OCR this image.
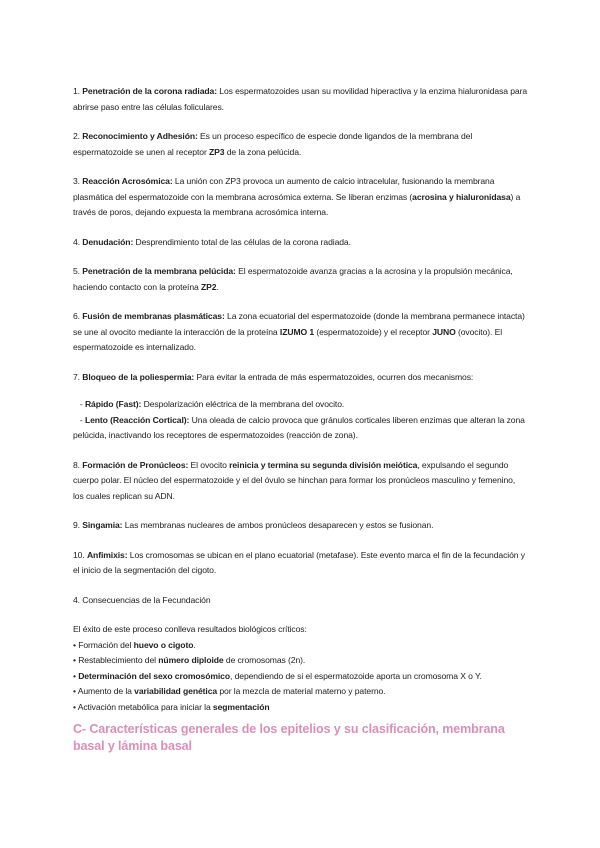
1. Penetración de la corona radiada: Los espermatozoides usan su movilidad hiperactiva y la enzima hialuronidasa para abrirse paso entre las células foliculares.

2. Reconocimiento y Adhesión: Es un proceso específico de especie donde ligandos de la membrana del espermatozoide se unen al receptor ZP3 de la zona pelúcida.

3. Reacción Acrosómica: La unión con ZP3 provoca un aumento de calcio intracelular, fusionando la membrana plasmática del espermatozoide con la membrana acrosómica externa. Se liberan enzimas (acrosina y hialuronidasa) a través de poros, dejando expuesta la membrana acrosómica interna.

4. Denudación: Desprendimiento total de las células de la corona radiada.

5. Penetración de la membrana pelúcida: El espermatozoide avanza gracias a la acrosina y la propulsión mecánica, haciendo contacto con la proteína ZP2.

6. Fusión de membranas plasmáticas: La zona ecuatorial del espermatozoide (donde la membrana permanece intacta) se une al ovocito mediante la interacción de la proteína IZUMO 1 (espermatozoide) y el receptor JUNO (ovocito). El espermatozoide es internalizado.

7. Bloqueo de la poliespermia: Para evitar la entrada de más espermatozoides, ocurren dos mecanismos:

- Rápido (Fast): Despolarización eléctrica de la membrana del ovocito.

- Lento (Reacción Cortical): Una oleada de calcio provoca que gránulos corticales liberen enzimas que alteran la zona pelúcida, inactivando los receptores de espermatozoides (reacción de zona).

8. Formación de Pronúcleos: El ovocito reinicia y termina su segunda división meiótica, expulsando el segundo cuerpo polar. El núcleo del espermatozoide y el del óvulo se hinchan para formar los pronúcleos masculino y femenino, los cuales replican su ADN.

9. Singamia: Las membranas nucleares de ambos pronúcleos desaparecen y estos se fusionan.

10. Anfimixis: Los cromosomas se ubican en el plano ecuatorial (metafase). Este evento marca el fin de la fecundación y el inicio de la segmentación del cigoto.

4. Consecuencias de la Fecundación

El éxito de este proceso conlleva resultados biológicos críticos:

• Formación del huevo o cigoto.
• Restablecimiento del número diploide de cromosomas (2n).
• Determinación del sexo cromosómico, dependiendo de si el espermatozoide aporta un cromosoma X o Y.
• Aumento de la variabilidad genética por la mezcla de material materno y paterno.
• Activación metabólica para iniciar la segmentación
C- Características generales de los epitelios y su clasificación, membrana basal y lámina basal
